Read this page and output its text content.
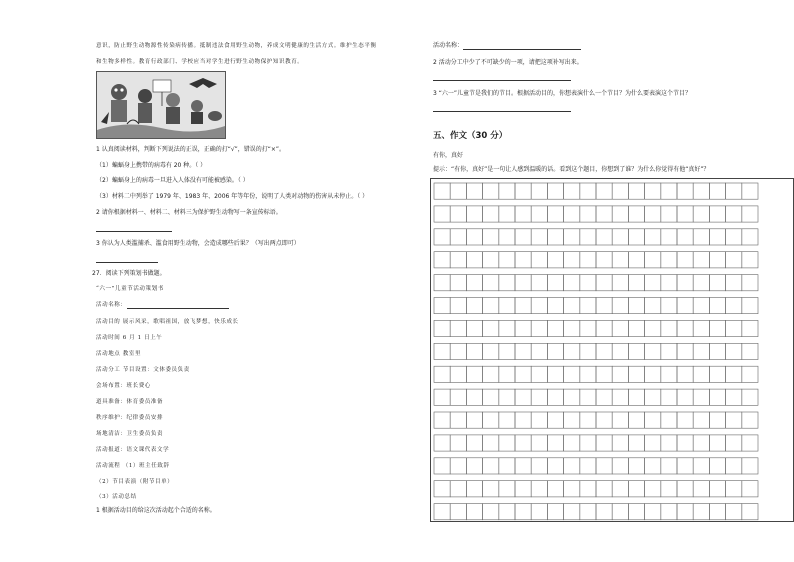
意识，防止野生动物源性传染病传播。抵制违法食用野生动物，养成文明健康的生活方式。维护生态平衡
和生物多样性。教育行政部门、学校应当对学生进行野生动物保护知识教育。
1 认真阅读材料，判断下列说法的正误，正确的打“√”，错误的打“×”。
（1）蝙蝠身上携带的病毒有 20 种。（ ）
（2）蝙蝠身上的病毒一旦进入人体没有可能被感染。（ ）
（3）材料二中列举了 1979 年、1983 年、2006 年等年份，说明了人类对动物的伤害从未停止。（ ）
2 请你根据材料一、材料二、材料三为保护野生动物写一条宣传标语。
3 你认为人类滥捕杀、滥食用野生动物，会造成哪些后果？（写出两点即可）
27．阅读下列策划书做题。
“六一”儿童节活动策划书
活动名称：
活动目的 展示风采，歌唱祖国，放飞梦想，快乐成长
活动时间 6 月 1 日上午
活动地点 教室里
活动分工 节目设置：文体委员负责
会场布置：班长费心
道具准备：体育委员准备
秩序维护：纪律委员安排
场地清洁：卫生委员负责
活动报道：语文课代表文学
活动流程 （1）班主任致辞
（2）节目表演（附节目单）
（3）活动总结
1 根据活动目的给这次活动起个合适的名称。
活动名称：
2 活动分工中少了不可缺少的一项，请把这项补写出来。
3 “六一”儿童节是我们的节目。根据活动目的，你想表演什么一个节目？为什么要表演这个节目？
五、作文（30 分）
有你，真好
提示：“有你，真好”是一句让人感到温暖的话。看到这个题目，你想到了谁？为什么你觉得有他“真好”？
